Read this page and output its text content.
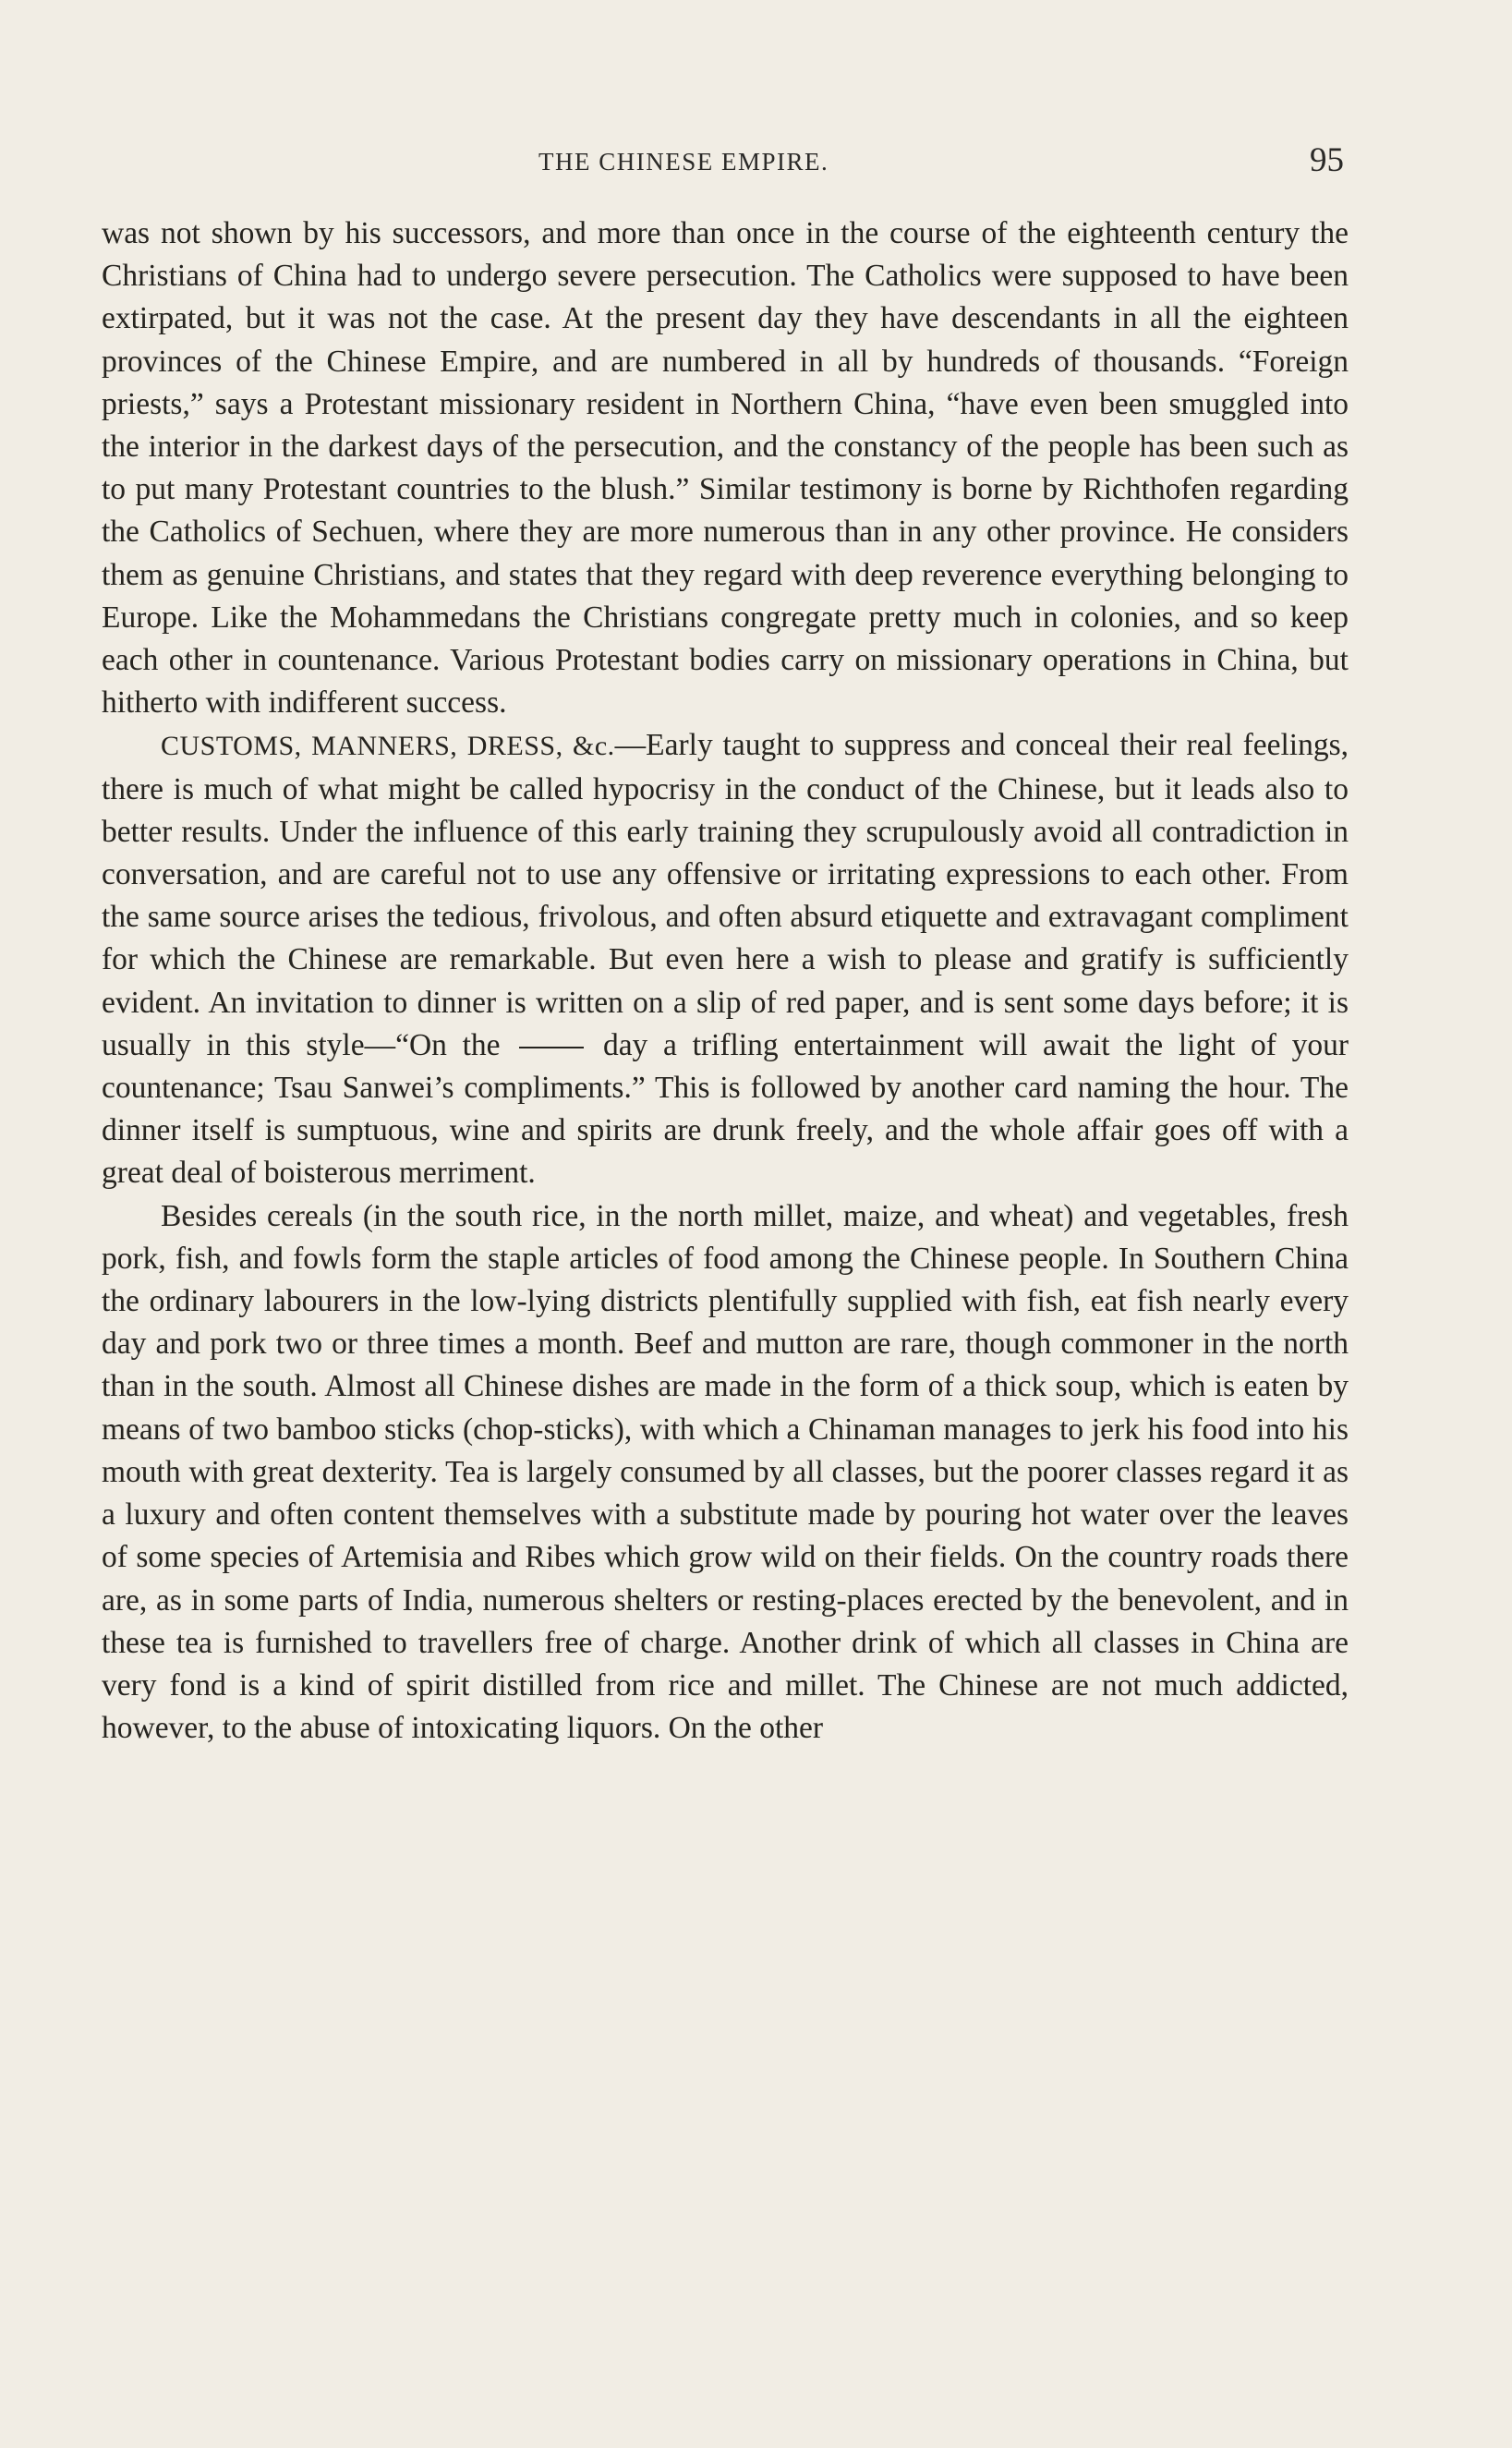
THE CHINESE EMPIRE.	95

was not shown by his successors, and more than once in the course of the eighteenth century the Christians of China had to undergo severe persecution. The Catholics were supposed to have been extirpated, but it was not the case. At the present day they have descendants in all the eighteen provinces of the Chinese Empire, and are numbered in all by hundreds of thousands. “Foreign priests,” says a Protestant missionary resident in Northern China, “have even been smuggled into the interior in the darkest days of the persecution, and the constancy of the people has been such as to put many Protestant countries to the blush.” Similar testimony is borne by Richthofen regarding the Catholics of Sechuen, where they are more numerous than in any other province. He considers them as genuine Christians, and states that they regard with deep reverence everything belonging to Europe. Like the Mohammedans the Christians congregate pretty much in colonies, and so keep each other in countenance. Various Protestant bodies carry on missionary operations in China, but hitherto with indifferent success.

CUSTOMS, MANNERS, DRESS, &c.—Early taught to suppress and conceal their real feelings, there is much of what might be called hypocrisy in the conduct of the Chinese, but it leads also to better results. Under the influence of this early training they scrupulously avoid all contradiction in conversation, and are careful not to use any offensive or irritating expressions to each other. From the same source arises the tedious, frivolous, and often absurd etiquette and extravagant compliment for which the Chinese are remarkable. But even here a wish to please and gratify is sufficiently evident. An invitation to dinner is written on a slip of red paper, and is sent some days before; it is usually in this style—“On the	day a trifling entertainment will await the light of your countenance; Tsau Sanwei’s compliments.” This is followed by another card naming the hour. The dinner itself is sumptuous, wine and spirits are drunk freely, and the whole affair goes off with a great deal of boisterous merriment.

Besides cereals (in the south rice, in the north millet, maize, and wheat) and vegetables, fresh pork, fish, and fowls form the staple articles of food among the Chinese people. In Southern China the ordinary labourers in the low-lying districts plentifully supplied with fish, eat fish nearly every day and pork two or three times a month. Beef and mutton are rare, though commoner in the north than in the south. Almost all Chinese dishes are made in the form of a thick soup, which is eaten by means of two bamboo sticks (chop-sticks), with which a Chinaman manages to jerk his food into his mouth with great dexterity. Tea is largely consumed by all classes, but the poorer classes regard it as a luxury and often content themselves with a substitute made by pouring hot water over the leaves of some species of Artemisia and Ribes which grow wild on their fields. On the country roads there are, as in some parts of India, numerous shelters or resting-places erected by the benevolent, and in these tea is furnished to travellers free of charge. Another drink of which all classes in China are very fond is a kind of spirit distilled from rice and millet. The Chinese are not much addicted, however, to the abuse of intoxicating liquors. On the other
